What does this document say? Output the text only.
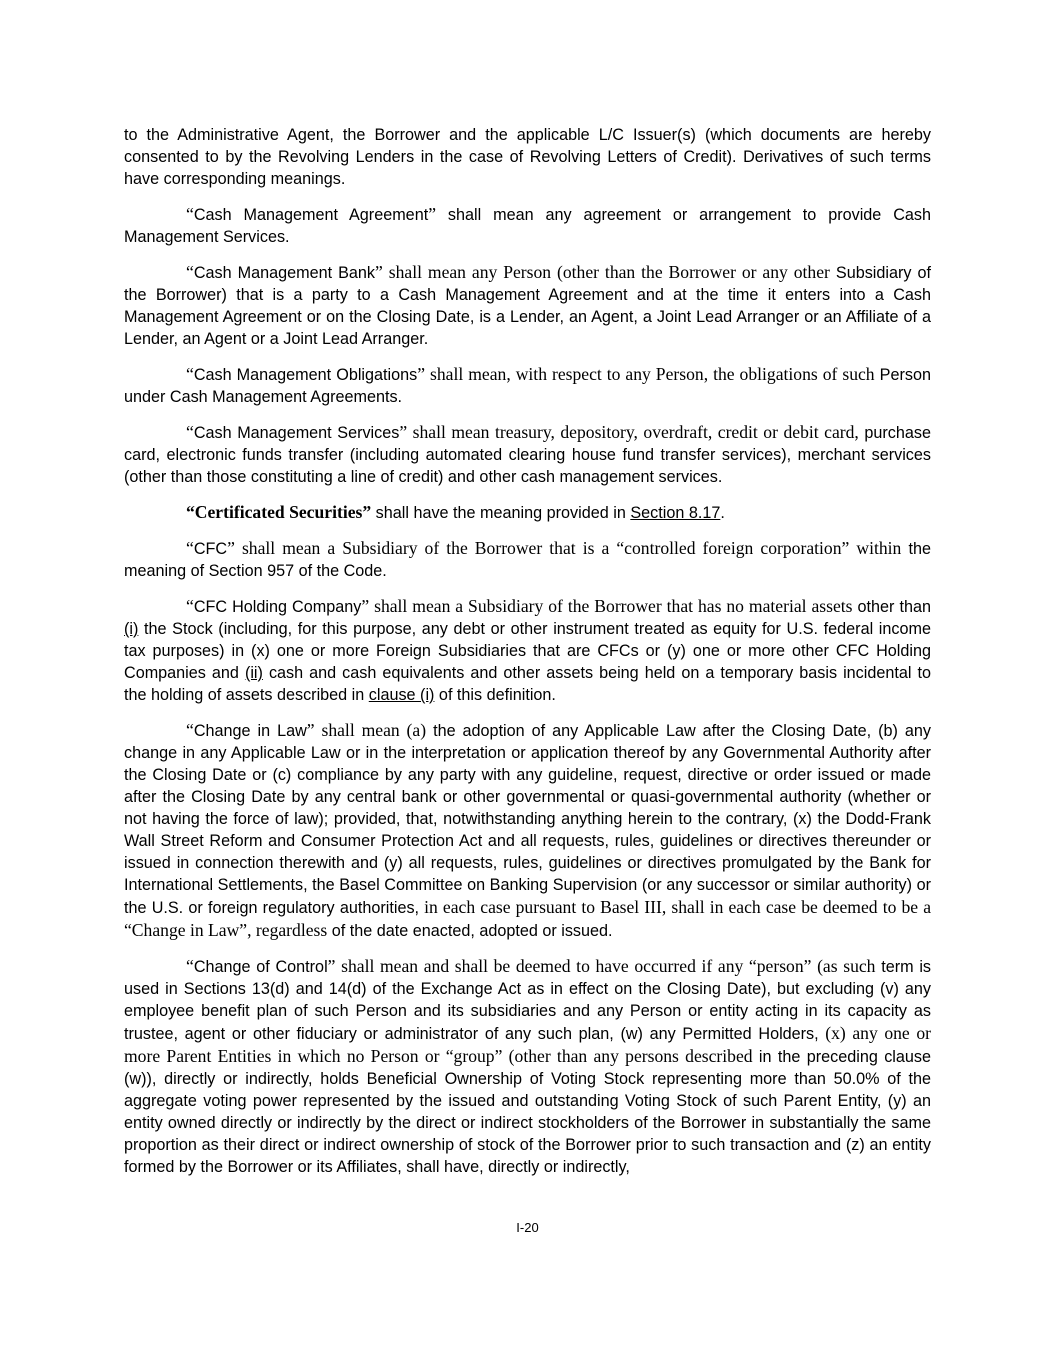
to the Administrative Agent, the Borrower and the applicable L/C Issuer(s) (which documents are hereby consented to by the Revolving Lenders in the case of Revolving Letters of Credit). Derivatives of such terms have corresponding meanings.

“Cash Management Agreement” shall mean any agreement or arrangement to provide Cash Management Services.

“Cash Management Bank” shall mean any Person (other than the Borrower or any other Subsidiary of the Borrower) that is a party to a Cash Management Agreement and at the time it enters into a Cash Management Agreement or on the Closing Date, is a Lender, an Agent, a Joint Lead Arranger or an Affiliate of a Lender, an Agent or a Joint Lead Arranger.

“Cash Management Obligations” shall mean, with respect to any Person, the obligations of such Person under Cash Management Agreements.

“Cash Management Services” shall mean treasury, depository, overdraft, credit or debit card, purchase card, electronic funds transfer (including automated clearing house fund transfer services), merchant services (other than those constituting a line of credit) and other cash management services.

“Certificated Securities” shall have the meaning provided in Section 8.17.

“CFC” shall mean a Subsidiary of the Borrower that is a “controlled foreign corporation” within the meaning of Section 957 of the Code.

“CFC Holding Company” shall mean a Subsidiary of the Borrower that has no material assets other than (i) the Stock (including, for this purpose, any debt or other instrument treated as equity for U.S. federal income tax purposes) in (x) one or more Foreign Subsidiaries that are CFCs or (y) one or more other CFC Holding Companies and (ii) cash and cash equivalents and other assets being held on a temporary basis incidental to the holding of assets described in clause (i) of this definition.

“Change in Law” shall mean (a) the adoption of any Applicable Law after the Closing Date, (b) any change in any Applicable Law or in the interpretation or application thereof by any Governmental Authority after the Closing Date or (c) compliance by any party with any guideline, request, directive or order issued or made after the Closing Date by any central bank or other governmental or quasi-governmental authority (whether or not having the force of law); provided, that, notwithstanding anything herein to the contrary, (x) the Dodd-Frank Wall Street Reform and Consumer Protection Act and all requests, rules, guidelines or directives thereunder or issued in connection therewith and (y) all requests, rules, guidelines or directives promulgated by the Bank for International Settlements, the Basel Committee on Banking Supervision (or any successor or similar authority) or the U.S. or foreign regulatory authorities, in each case pursuant to Basel III, shall in each case be deemed to be a “Change in Law”, regardless of the date enacted, adopted or issued.

“Change of Control” shall mean and shall be deemed to have occurred if any “person” (as such term is used in Sections 13(d) and 14(d) of the Exchange Act as in effect on the Closing Date), but excluding (v) any employee benefit plan of such Person and its subsidiaries and any Person or entity acting in its capacity as trustee, agent or other fiduciary or administrator of any such plan, (w) any Permitted Holders, (x) any one or more Parent Entities in which no Person or “group” (other than any persons described in the preceding clause (w)), directly or indirectly, holds Beneficial Ownership of Voting Stock representing more than 50.0% of the aggregate voting power represented by the issued and outstanding Voting Stock of such Parent Entity, (y) an entity owned directly or indirectly by the direct or indirect stockholders of the Borrower in substantially the same proportion as their direct or indirect ownership of stock of the Borrower prior to such transaction and (z) an entity formed by the Borrower or its Affiliates, shall have, directly or indirectly,

I-20
